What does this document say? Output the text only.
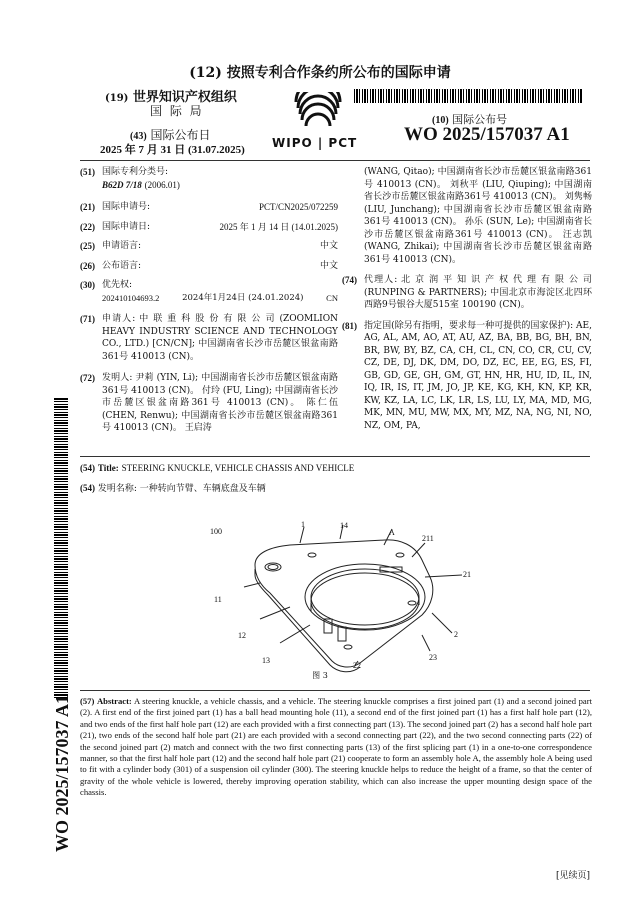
(12) 按照专利合作条约所公布的国际申请
(19) 世界知识产权组织
国 际 局
WIPO | PCT
(43) 国际公布日
2025 年 7 月 31 日 (31.07.2025)
(10) 国际公布号
WO 2025/157037 A1
(51) 国际专利分类号:
B62D 7/18 (2006.01)
(21) 国际申请号:	PCT/CN2025/072259
(22) 国际申请日:	2025 年 1 月 14 日 (14.01.2025)
(25) 申请语言:	中文
(26) 公布语言:	中文
(30) 优先权:
202410104693.2	2024年1月24日 (24.01.2024)	CN
(71) 申请人: 中 联 重 科 股 份 有 限 公 司 (ZOOMLION HEAVY INDUSTRY SCIENCE AND TECHNOLOGY CO., LTD.) [CN/CN]; 中国湖南省长沙市岳麓区银盆南路361号 410013 (CN)。

(72) 发明人: 尹莉 (YIN, Li); 中国湖南省长沙市岳麓区银盆南路361号 410013 (CN)。 付玲 (FU, Ling); 中国湖南省长沙市岳麓区银盆南路361号 410013 (CN)。 陈仁伍 (CHEN, Renwu); 中国湖南省长沙市岳麓区银盆南路361号 410013 (CN)。 王启涛

(WANG, Qitao); 中国湖南省长沙市岳麓区银盆南路361号 410013 (CN)。 刘秋平 (LIU, Qiuping); 中国湖南省长沙市岳麓区银盆南路361号 410013 (CN)。 刘隽畅 (LIU, Junchang); 中国湖南省长沙市岳麓区银盆南路361号 410013 (CN)。 孙乐 (SUN, Le); 中国湖南省长沙市岳麓区银盆南路361号 410013 (CN)。 汪志凯 (WANG, Zhikai); 中国湖南省长沙市岳麓区银盆南路361号 410013 (CN)。

(74) 代理人: 北 京 润 平 知 识 产 权 代 理 有 限 公 司 (RUNPING & PARTNERS); 中国北京市海淀区北四环西路9号银谷大厦515室 100190 (CN)。

(81) 指定国(除另有指明，要求每一种可提供的国家保护): AE, AG, AL, AM, AO, AT, AU, AZ, BA, BB, BG, BH, BN, BR, BW, BY, BZ, CA, CH, CL, CN, CO, CR, CU, CV, CZ, DE, DJ, DK, DM, DO, DZ, EC, EE, EG, ES, FI, GB, GD, GE, GH, GM, GT, HN, HR, HU, ID, IL, IN, IQ, IR, IS, IT, JM, JO, JP, KE, KG, KH, KN, KP, KR, KW, KZ, LA, LC, LK, LR, LS, LU, LY, MA, MD, MG, MK, MN, MU, MW, MX, MY, MZ, NA, NG, NI, NO, NZ, OM, PA,

(54) Title: STEERING KNUCKLE, VEHICLE CHASSIS AND VEHICLE
(54) 发明名称: 一种转向节臂、车辆底盘及车辆
100
1	14
A
211
21
11
12	2
13
22
23
图 3
(57) Abstract: A steering knuckle, a vehicle chassis, and a vehicle. The steering knuckle comprises a first joined part (1) and a second joined part (2). A first end of the first joined part (1) has a ball head mounting hole (11), a second end of the first joined part (1) has a first half hole part (12), and two ends of the first half hole part (12) are each provided with a first connecting part (13). The second joined part (2) has a second half hole part (21), two ends of the second half hole part (21) are each provided with a second connecting part (22), and the two second connecting parts (22) of the second joined part (2) match and connect with the two first connecting parts (13) of the first splicing part (1) in a one-to-one correspondence manner, so that the first half hole part (12) and the second half hole part (21) cooperate to form an assembly hole A, the assembly hole A being used to fit with a cylinder body (301) of a suspension oil cylinder (300). The steering knuckle helps to reduce the height of a frame, so that the center of gravity of the whole vehicle is lowered, thereby improving operation stability, which can also increase the upper mounting design space of the chassis.
WO 2025/157037 A1
[见续页]
